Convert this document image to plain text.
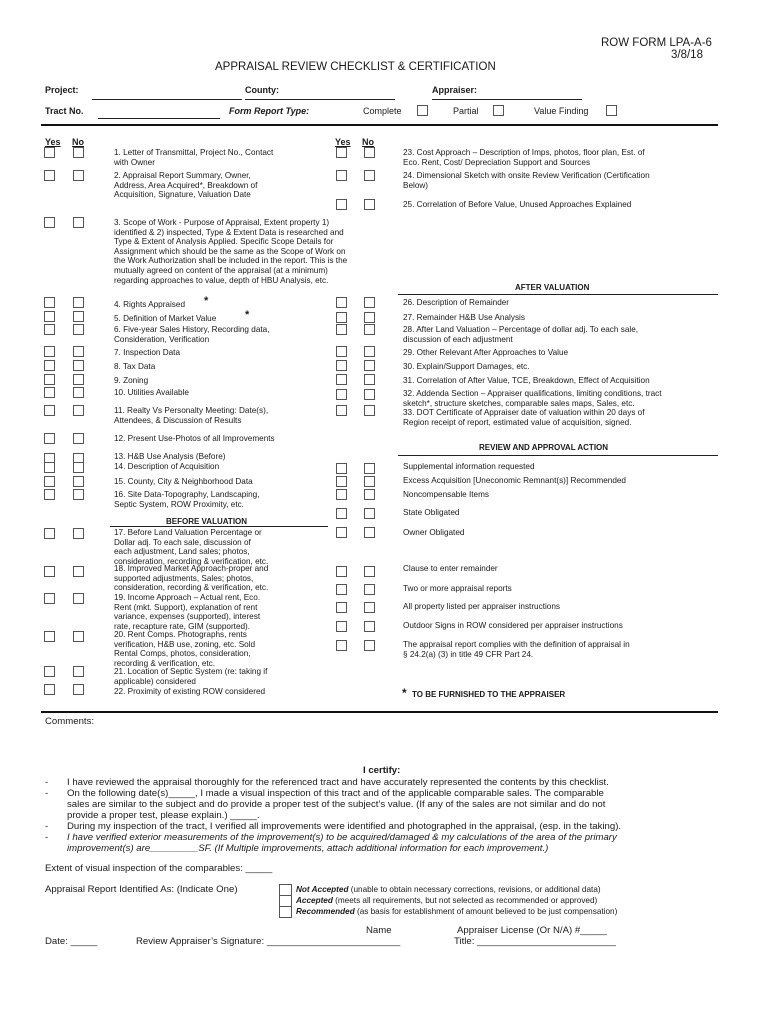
ROW FORM LPA-A-6
3/8/18
APPRAISAL REVIEW CHECKLIST & CERTIFICATION
Project:	County:	Appraiser:
Tract No.	Form Report Type:	Complete	Partial	Value Finding
Yes No	Yes No
1. Letter of Transmittal, Project No., Contact
with Owner
2. Appraisal Report Summary, Owner,
Address, Area Acquired*, Breakdown of
Acquisition, Signature, Valuation Date
3. Scope of Work - Purpose of Appraisal, Extent property 1)
identified & 2) inspected, Type & Extent Data is researched and
Type & Extent of Analysis Applied. Specific Scope Details for
Assignment which should be the same as the Scope of Work on
the Work Authorization shall be included in the report. This is the
mutually agreed on content of the appraisal (at a minimum)
regarding approaches to value, depth of HBU Analysis, etc.
4. Rights Appraised
5. Definition of Market Value
6. Five-year Sales History, Recording data,
Consideration, Verification
7. Inspection Data
8. Tax Data
9. Zoning
10. Utilities Available
11. Realty Vs Personalty Meeting: Date(s),
Attendees, & Discussion of Results
12. Present Use-Photos of all Improvements
13. H&B Use Analysis (Before)
14. Description of Acquisition
15. County, City & Neighborhood Data
16. Site Data-Topography, Landscaping,
Septic System, ROW Proximity, etc.
17. Before Land Valuation Percentage or
Dollar adj. To each sale, discussion of
each adjustment, Land sales; photos,
consideration, recording & verification, etc.
18. Improved Market Approach-proper and
supported adjustments, Sales; photos,
consideration, recording & verification, etc.
19. Income Approach – Actual rent, Eco.
Rent (mkt. Support), explanation of rent
variance, expenses (supported), interest
rate, recapture rate, GIM (supported).
20. Rent Comps. Photographs, rents
verification, H&B use, zoning, etc. Sold
Rental Comps, photos, consideration,
recording & verification, etc.
21. Location of Septic System (re: taking if
applicable) considered
22. Proximity of existing ROW considered
*
*
BEFORE VALUATION
23. Cost Approach – Description of Imps, photos, floor plan, Est. of
Eco. Rent, Cost/ Depreciation Support and Sources
24. Dimensional Sketch with onsite Review Verification (Certification
Below)
25. Correlation of Before Value, Unused Approaches Explained
26. Description of Remainder
27. Remainder H&B Use Analysis
28. After Land Valuation – Percentage of dollar adj. To each sale,
discussion of each adjustment
29. Other Relevant After Approaches to Value
30. Explain/Support Damages, etc.
31. Correlation of After Value, TCE, Breakdown, Effect of Acquisition
32. Addenda Section – Appraiser qualifications, limiting conditions, tract
sketch*, structure sketches, comparable sales maps, Sales, etc.
33. DOT Certificate of Appraiser date of valuation within 20 days of
Region receipt of report, estimated value of acquisition, signed.
AFTER VALUATION
REVIEW AND APPROVAL ACTION
Supplemental information requested
Excess Acquisition [Uneconomic Remnant(s)] Recommended
Noncompensable Items
State Obligated
Owner Obligated
Clause to enter remainder
Two or more appraisal reports
All property listed per appraiser instructions
Outdoor Signs in ROW considered per appraiser instructions
The appraisal report complies with the definition of appraisal in
§ 24.2(a) (3) in title 49 CFR Part 24.
* TO BE FURNISHED TO THE APPRAISER
Comments:
I certify:
- I have reviewed the appraisal thoroughly for the referenced tract and have accurately represented the contents by this checklist.
- On the following date(s)_____, I made a visual inspection of this tract and of the applicable comparable sales. The comparable
sales are similar to the subject and do provide a proper test of the subject’s value. (If any of the sales are not similar and do not
provide a proper test, please explain.) _____.
- During my inspection of the tract, I verified all improvements were identified and photographed in the appraisal, (esp. in the taking).
- I have verified exterior measurements of the improvement(s) to be acquired/damaged & my calculations of the area of the primary
improvement(s) are_________SF. (If Multiple improvements, attach additional information for each improvement.)
Extent of visual inspection of the comparables: _____
Appraisal Report Identified As: (Indicate One)	Not Accepted (unable to obtain necessary corrections, revisions, or additional data)
Accepted (meets all requirements, but not selected as recommended or approved)
Recommended (as basis for establishment of amount believed to be just compensation)
Name	Appraiser License (Or N/A) #_____
Date: _____	Review Appraiser’s Signature: _________________________	Title: __________________________
